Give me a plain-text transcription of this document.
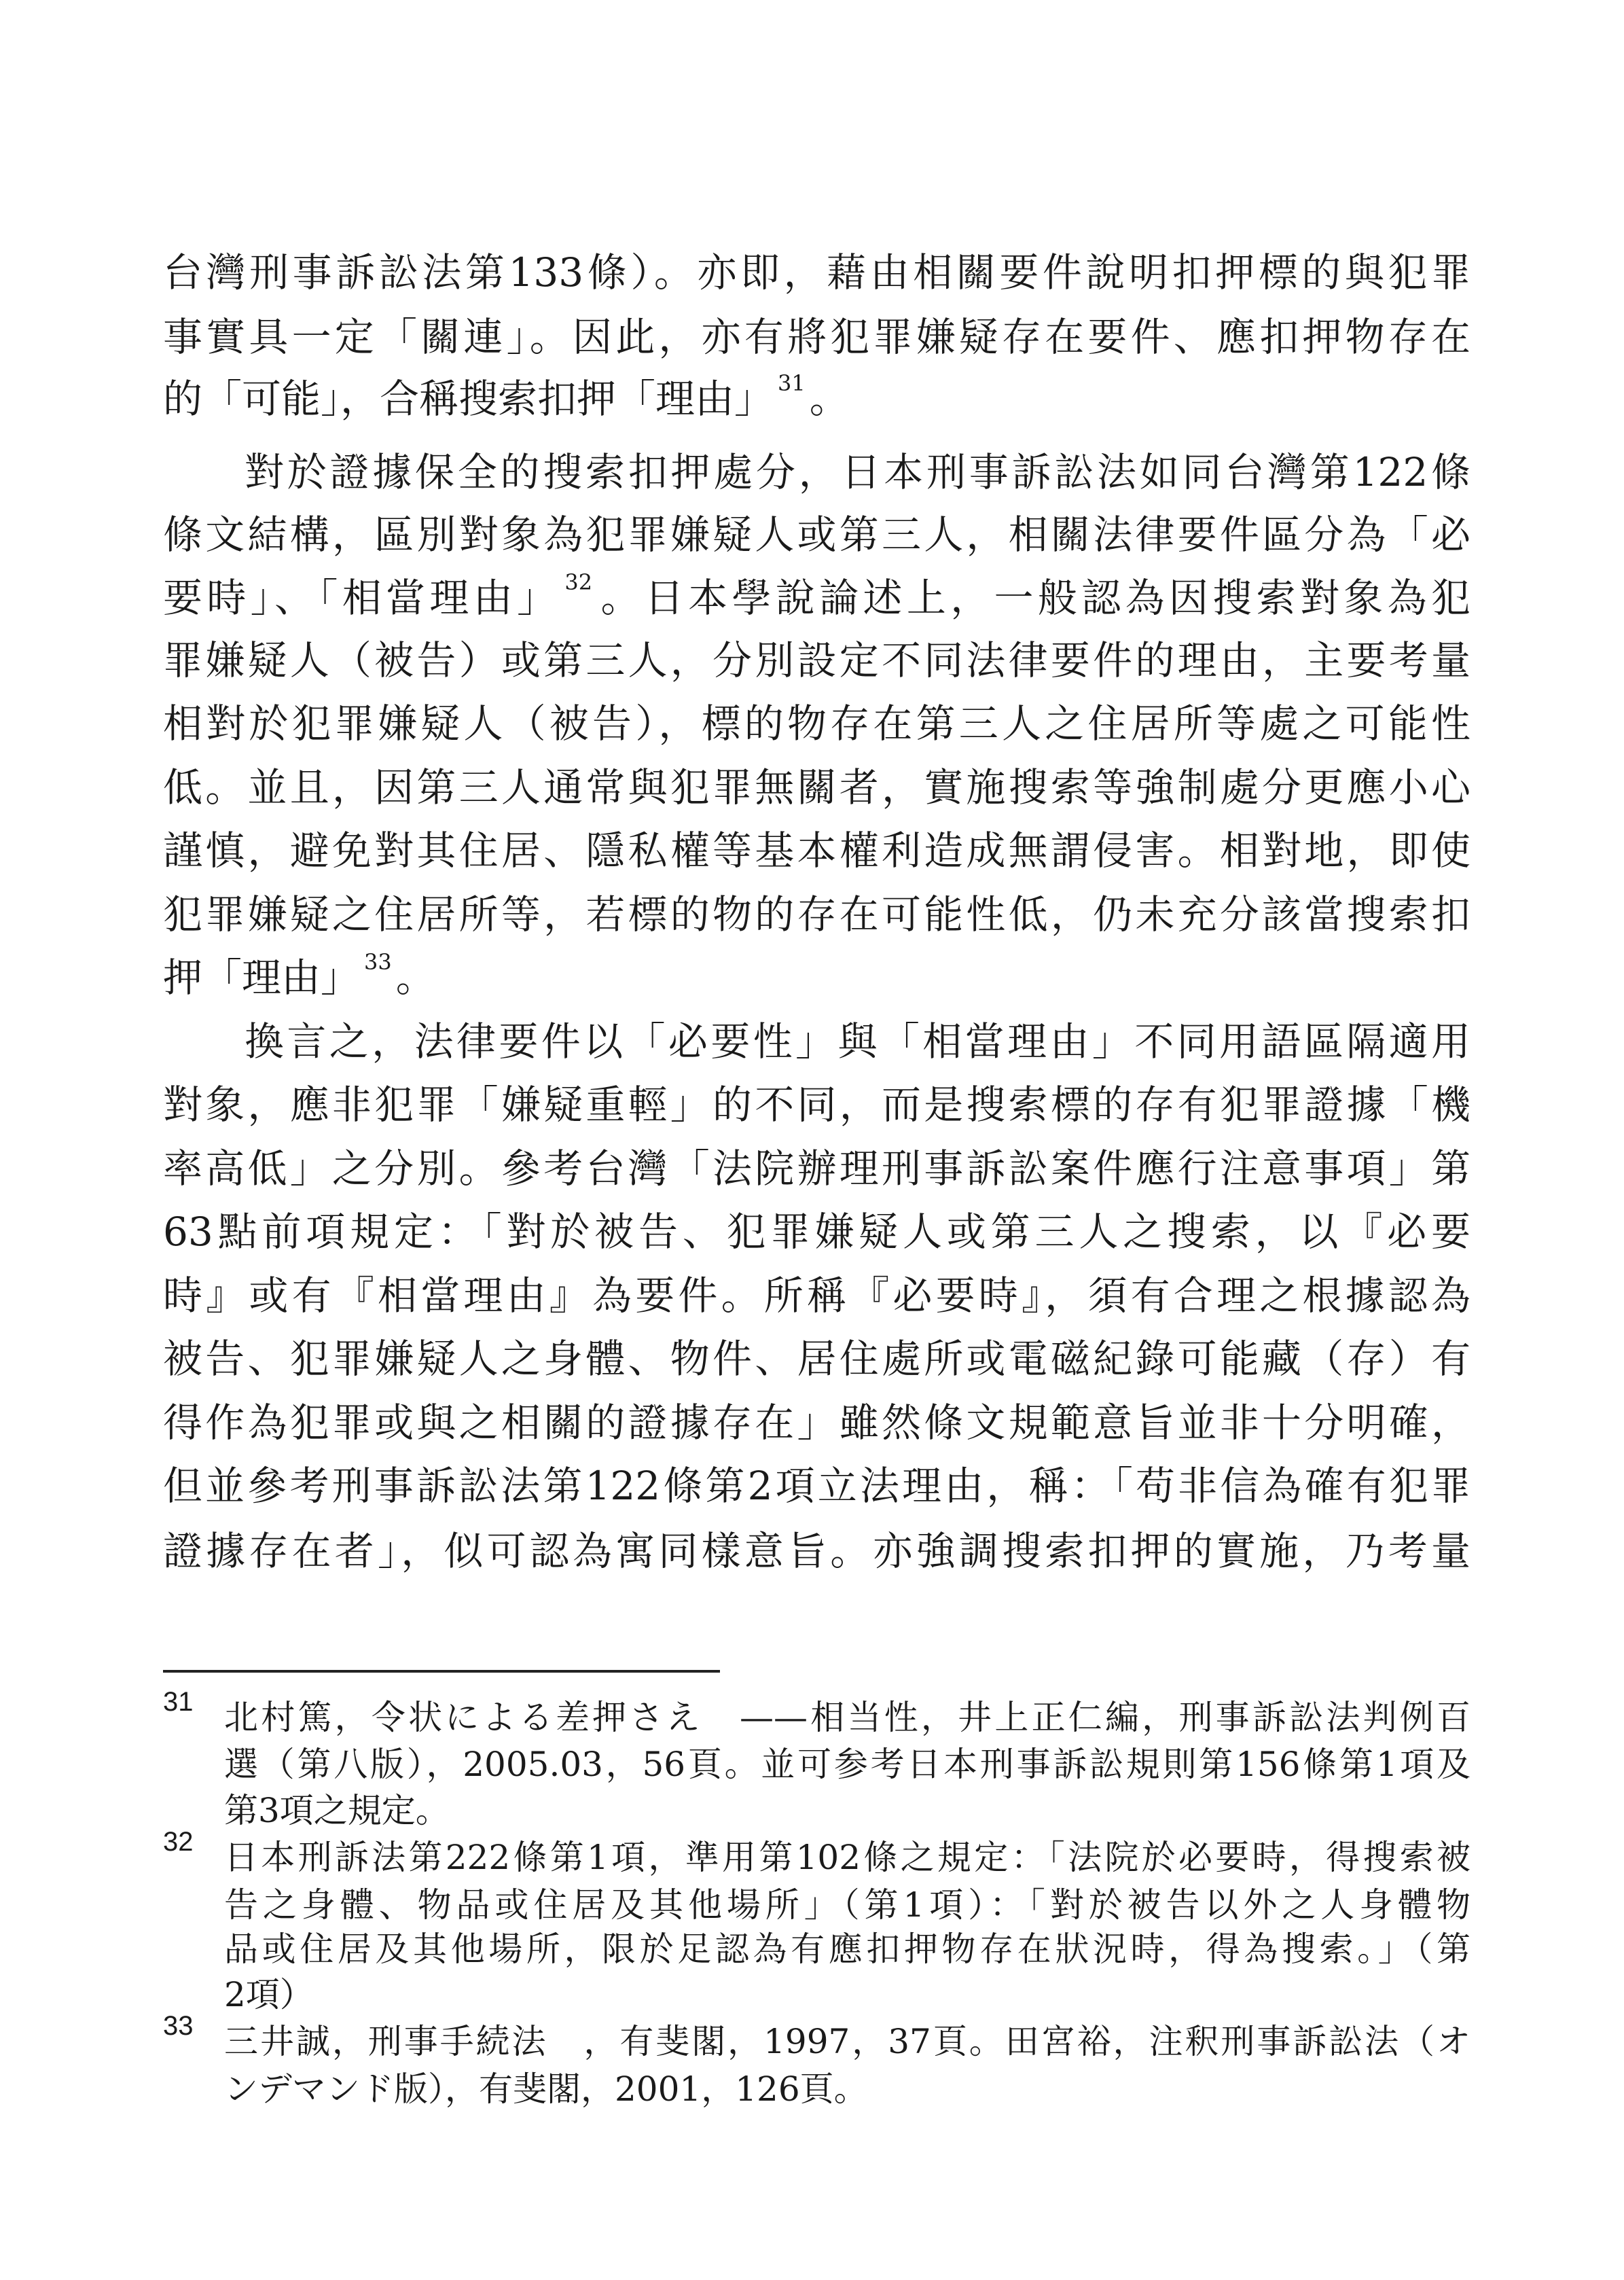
台灣刑事訴訟法第133條）。亦即，藉由相關要件說明扣押標的與犯罪
事實具一定「關連」。因此，亦有將犯罪嫌疑存在要件、應扣押物存在
的「可能」，合稱搜索扣押「理由」 $^{31}$ 。
對於證據保全的搜索扣押處分，日本刑事訴訟法如同台灣第122條
條文結構，區別對象為犯罪嫌疑人或第三人，相關法律要件區分為「必
要時」、「相當理由」 $^{32}$ 。日本學說論述上，一般認為因搜索對象為犯
罪嫌疑人（被告）或第三人，分別設定不同法律要件的理由，主要考量
相對於犯罪嫌疑人（被告），標的物存在第三人之住居所等處之可能性
低。並且，因第三人通常與犯罪無關者，實施搜索等強制處分更應小心
謹慎，避免對其住居、隱私權等基本權利造成無謂侵害。相對地，即使
犯罪嫌疑之住居所等，若標的物的存在可能性低，仍未充分該當搜索扣
押「理由」 $^{33}$ 。
換言之，法律要件以「必要性」與「相當理由」不同用語區隔適用
對象，應非犯罪「嫌疑重輕」的不同，而是搜索標的存有犯罪證據「機
率高低」之分別。參考台灣「法院辦理刑事訴訟案件應行注意事項」第
63點前項規定：「對於被告、犯罪嫌疑人或第三人之搜索，以『必要
時』或有『相當理由』為要件。所稱『必要時』，須有合理之根據認為
被告、犯罪嫌疑人之身體、物件、居住處所或電磁紀錄可能藏（存）有
得作為犯罪或與之相關的證據存在」雖然條文規範意旨並非十分明確，
但並參考刑事訴訟法第122條第2項立法理由，稱：「苟非信為確有犯罪
證據存在者」，似可認為寓同樣意旨。亦強調搜索扣押的實施，乃考量
31 北村篤，令状による差押さえ　——相当性，井上正仁編，刑事訴訟法判例百
選（第八版），2005.03，56頁。並可参考日本刑事訴訟規則第156條第1項及
第3項之規定。
32 日本刑訴法第222條第1項，準用第102條之規定：「法院於必要時，得搜索被
告之身體、物品或住居及其他場所」（第1項）：「對於被告以外之人身體物
品或住居及其他場所，限於足認為有應扣押物存在狀況時，得為搜索。」（第
2項）
33 三井誠，刑事手続法　，有斐閣，1997，37頁。田宮裕，注釈刑事訴訟法（オ
ンデマンド版），有斐閣，2001，126頁。
